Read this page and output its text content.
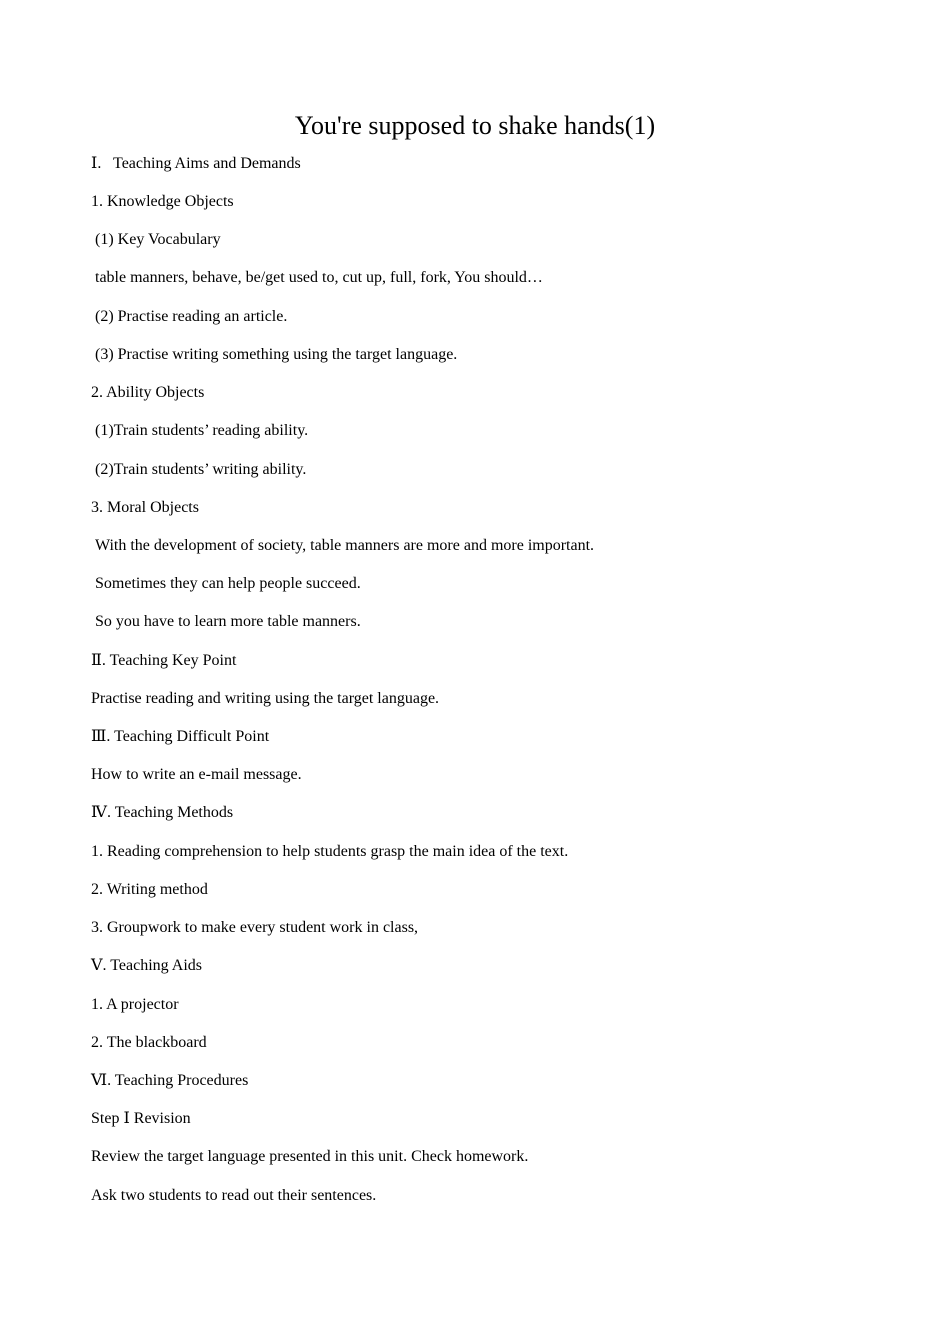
You're supposed to shake hands(1)
Ⅰ.   Teaching Aims and Demands
1. Knowledge Objects
(1) Key Vocabulary
table manners, behave, be/get used to, cut up, full, fork, You should…
(2) Practise reading an article.
(3) Practise writing something using the target language.
2. Ability Objects
(1)Train students’ reading ability.
(2)Train students’ writing ability.
3. Moral Objects
With the development of society, table manners are more and more important.
Sometimes they can help people succeed.
So you have to learn more table manners.
Ⅱ. Teaching Key Point
Practise reading and writing using the target language.
Ⅲ. Teaching Difficult Point
How to write an e-mail message.
Ⅳ. Teaching Methods
1. Reading comprehension to help students grasp the main idea of the text.
2. Writing method
3. Groupwork to make every student work in class,
Ⅴ. Teaching Aids
1. A projector
2. The blackboard
Ⅵ. Teaching Procedures
Step Ⅰ Revision
Review the target language presented in this unit. Check homework.
Ask two students to read out their sentences.
